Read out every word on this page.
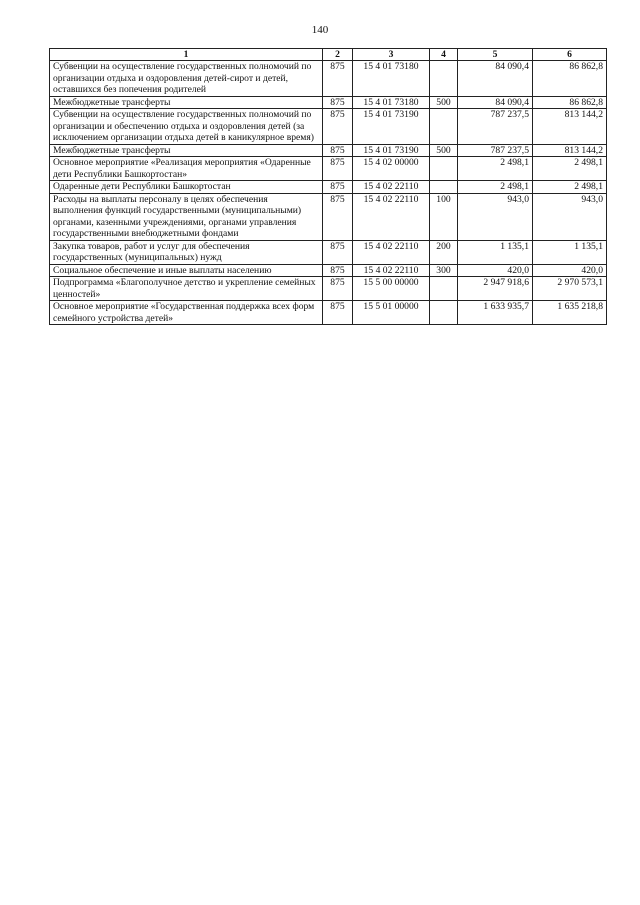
140
1	2	3	4	5	6
Субвенции на осуществление государственных полномочий по организации отдыха и оздоровления детей-сирот и детей, оставшихся без попечения родителей	875	15 4 01 73180		84 090,4	86 862,8
Межбюджетные трансферты	875	15 4 01 73180	500	84 090,4	86 862,8
Субвенции на осуществление государственных полномочий по организации и обеспечению отдыха и оздоровления детей (за исключением организации отдыха детей в каникулярное время)	875	15 4 01 73190		787 237,5	813 144,2
Межбюджетные трансферты	875	15 4 01 73190	500	787 237,5	813 144,2
Основное мероприятие «Реализация мероприятия «Одаренные дети Республики Башкортостан»	875	15 4 02 00000		2 498,1	2 498,1
Одаренные дети Республики Башкортостан	875	15 4 02 22110		2 498,1	2 498,1
Расходы на выплаты персоналу в целях обеспечения выполнения функций государственными (муниципальными) органами, казенными учреждениями, органами управления государственными внебюджетными фондами	875	15 4 02 22110	100	943,0	943,0
Закупка товаров, работ и услуг для обеспечения государственных (муниципальных) нужд	875	15 4 02 22110	200	1 135,1	1 135,1
Социальное обеспечение и иные выплаты населению	875	15 4 02 22110	300	420,0	420,0
Подпрограмма «Благополучное детство и укрепление семейных ценностей»	875	15 5 00 00000		2 947 918,6	2 970 573,1
Основное мероприятие «Государственная поддержка всех форм семейного устройства детей»	875	15 5 01 00000		1 633 935,7	1 635 218,8
